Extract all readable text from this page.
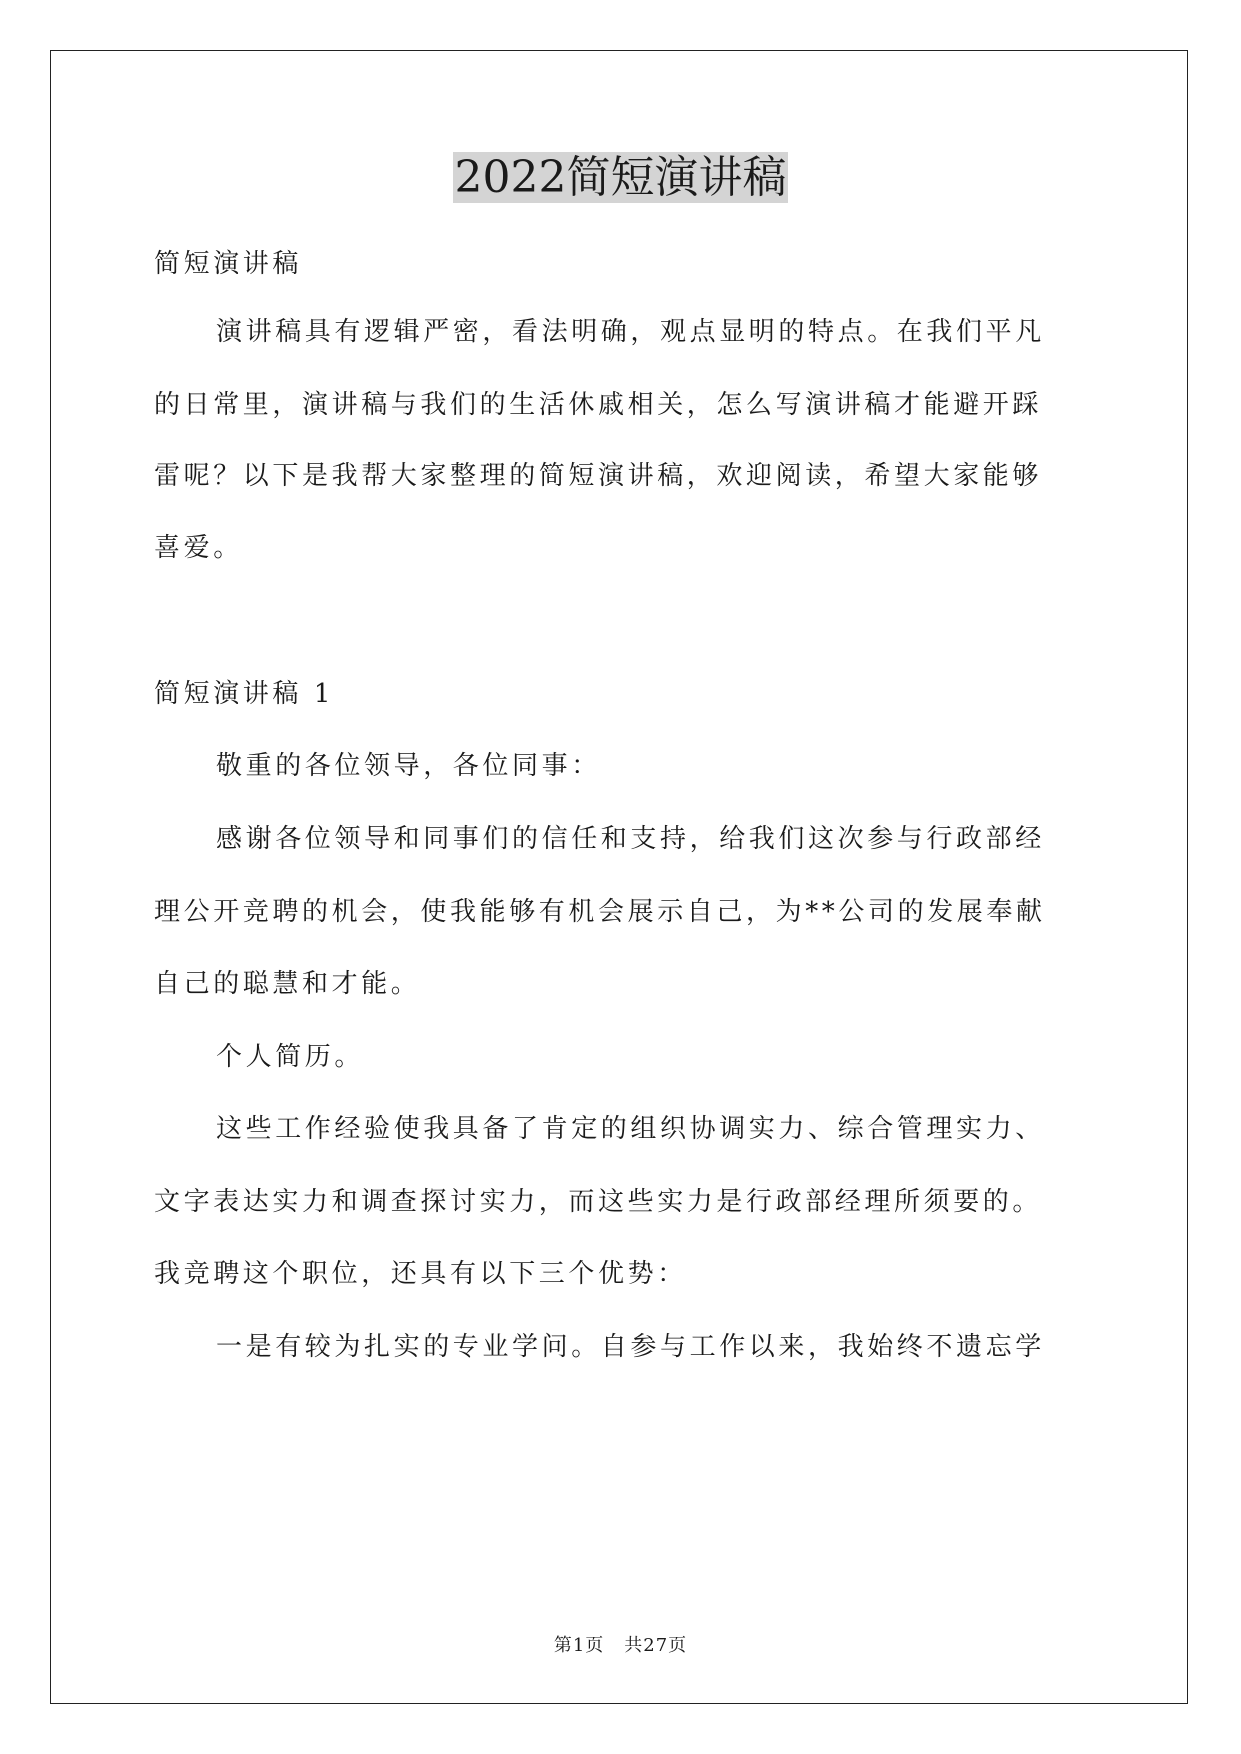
2022简短演讲稿
简短演讲稿
演讲稿具有逻辑严密，看法明确，观点显明的特点。在我们平凡
的日常里，演讲稿与我们的生活休戚相关，怎么写演讲稿才能避开踩
雷呢？以下是我帮大家整理的简短演讲稿，欢迎阅读，希望大家能够
喜爱。
简短演讲稿 1
敬重的各位领导，各位同事：
感谢各位领导和同事们的信任和支持，给我们这次参与行政部经
理公开竞聘的机会，使我能够有机会展示自己，为**公司的发展奉献
自己的聪慧和才能。
个人简历。
这些工作经验使我具备了肯定的组织协调实力、综合管理实力、
文字表达实力和调查探讨实力，而这些实力是行政部经理所须要的。
我竞聘这个职位，还具有以下三个优势：
一是有较为扎实的专业学问。自参与工作以来，我始终不遗忘学
第1页 共27页
